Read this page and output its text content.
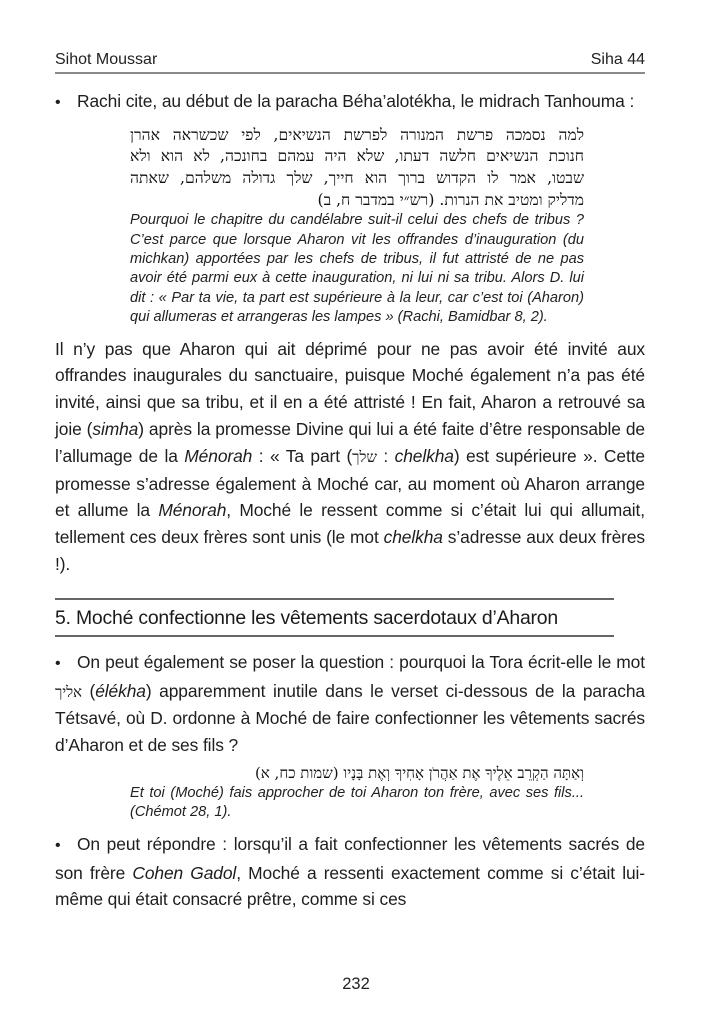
Sihot Moussar	Siha 44

• Rachi cite, au début de la paracha Béha’alotékha, le midrach Tanhouma :

למה נסמכה פרשת המנורה לפרשת הנשיאים, לפי שכשראה אהרן
חנוכת הנשיאים חלשה דעתו, שלא היה עמהם בחונכה, לא הוא ולא
שבטו, אמר לו הקדוש ברוך הוא חייך, שלך גדולה משלהם, שאתה
מדליק ומטיב את הנרות. (רש״י במדבר ח, ב)

Pourquoi le chapitre du candélabre suit-il celui des chefs de tribus ? C’est parce que lorsque Aharon vit les offrandes d’inauguration (du michkan) apportées par les chefs de tribus, il fut attristé de ne pas avoir été parmi eux à cette inauguration, ni lui ni sa tribu. Alors D. lui dit : « Par ta vie, ta part est supérieure à la leur, car c’est toi (Aharon) qui allumeras et arrangeras les lampes » (Rachi, Bamidbar 8, 2).

Il n’y pas que Aharon qui ait déprimé pour ne pas avoir été invité aux offrandes inaugurales du sanctuaire, puisque Moché également n’a pas été invité, ainsi que sa tribu, et il en a été attristé ! En fait, Aharon a retrouvé sa joie (simha) après la promesse Divine qui lui a été faite d’être responsable de l’allumage de la Ménorah : « Ta part (שלך : chelkha) est supérieure ». Cette promesse s’adresse également à Moché car, au moment où Aharon arrange et allume la Ménorah, Moché le ressent comme si c’était lui qui allumait, tellement ces deux frères sont unis (le mot chelkha s’adresse aux deux frères !).

5. Moché confectionne les vêtements sacerdotaux d’Aharon

• On peut également se poser la question : pourquoi la Tora écrit-elle le mot אליך (élékha) apparemment inutile dans le verset ci-dessous de la paracha Tétsavé, où D. ordonne à Moché de faire confectionner les vêtements sacrés d’Aharon et de ses fils ?

וְאַתָּה הַקְרֵב אֵלֶיךָ אֶת אַהֲרֹן אָחִיךָ וְאֶת בָּנָיו (שמות כח, א)

Et toi (Moché) fais approcher de toi Aharon ton frère, avec ses fils... (Chémot 28, 1).

• On peut répondre : lorsqu’il a fait confectionner les vêtements sacrés de son frère Cohen Gadol, Moché a ressenti exactement comme si c’était lui-même qui était consacré prêtre, comme si ces

232
